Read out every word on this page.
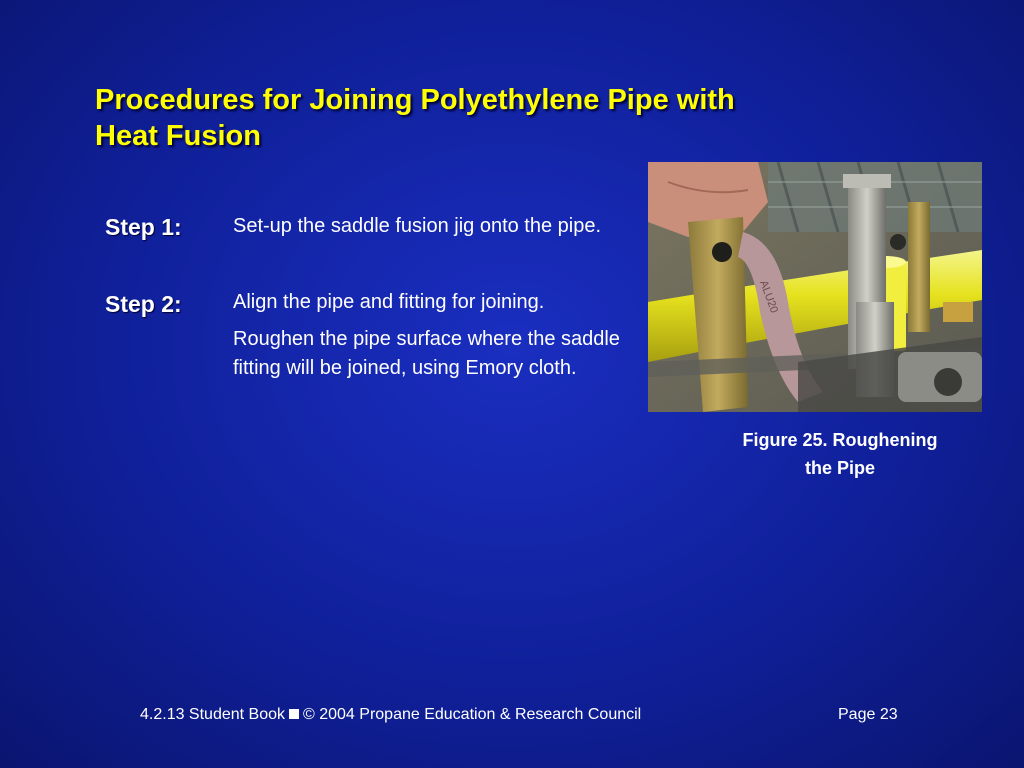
Procedures for Joining Polyethylene Pipe with
Heat Fusion
Step 1:	Set-up the saddle fusion jig onto the pipe.

Step 2:	Align the pipe and fitting for joining.

Roughen the pipe surface where the saddle fitting will be joined, using Emory cloth.

ALU20
Figure 25. Roughening
the Pipe
4.2.13 Student Book © 2004 Propane Education & Research Council	Page 23
